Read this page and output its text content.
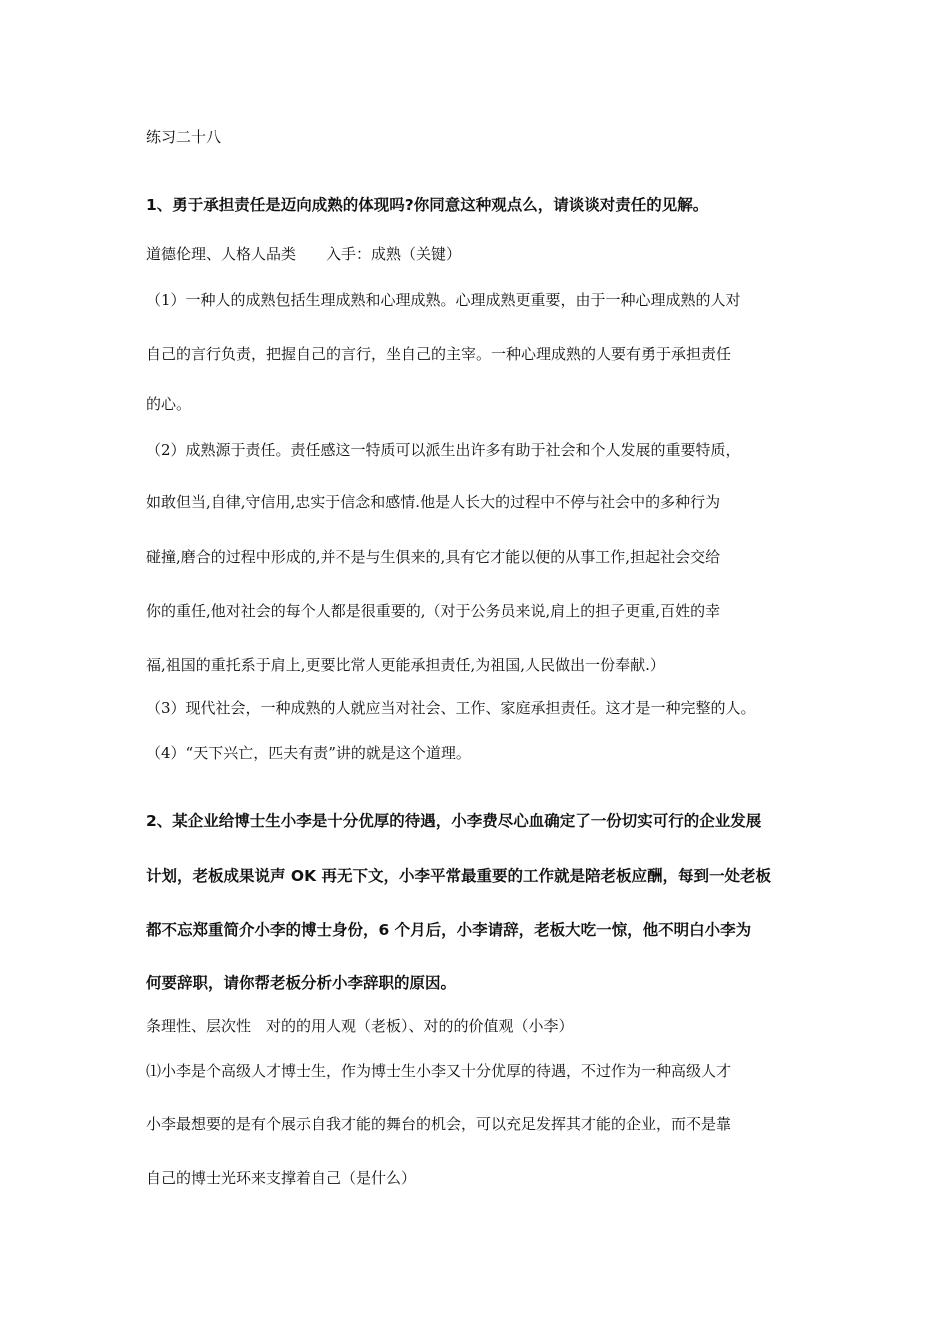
练习二十八
1、勇于承担责任是迈向成熟的体现吗?你同意这种观点么，请谈谈对责任的见解。
道德伦理、人格人品类　　入手：成熟（关键）
（1）一种人的成熟包括生理成熟和心理成熟。心理成熟更重要，由于一种心理成熟的人对
自己的言行负责，把握自己的言行，坐自己的主宰。一种心理成熟的人要有勇于承担责任
的心。
（2）成熟源于责任。责任感这一特质可以派生出许多有助于社会和个人发展的重要特质，
如敢但当,自律,守信用,忠实于信念和感情.他是人长大的过程中不停与社会中的多种行为
碰撞,磨合的过程中形成的,并不是与生俱来的,具有它才能以便的从事工作,担起社会交给
你的重任,他对社会的每个人都是很重要的,（对于公务员来说,肩上的担子更重,百姓的幸
福,祖国的重托系于肩上,更要比常人更能承担责任,为祖国,人民做出一份奉献.）
（3）现代社会，一种成熟的人就应当对社会、工作、家庭承担责任。这才是一种完整的人。
（4）“天下兴亡，匹夫有责”讲的就是这个道理。
2、某企业给博士生小李是十分优厚的待遇，小李费尽心血确定了一份切实可行的企业发展
计划，老板成果说声 OK 再无下文，小李平常最重要的工作就是陪老板应酬，每到一处老板
都不忘郑重简介小李的博士身份，6 个月后，小李请辞，老板大吃一惊，他不明白小李为
何要辞职，请你帮老板分析小李辞职的原因。
条理性、层次性　对的的用人观（老板）、对的的价值观（小李）
⑴小李是个高级人才博士生，作为博士生小李又十分优厚的待遇，不过作为一种高级人才
小李最想要的是有个展示自我才能的舞台的机会，可以充足发挥其才能的企业，而不是靠
自己的博士光环来支撑着自己（是什么）
